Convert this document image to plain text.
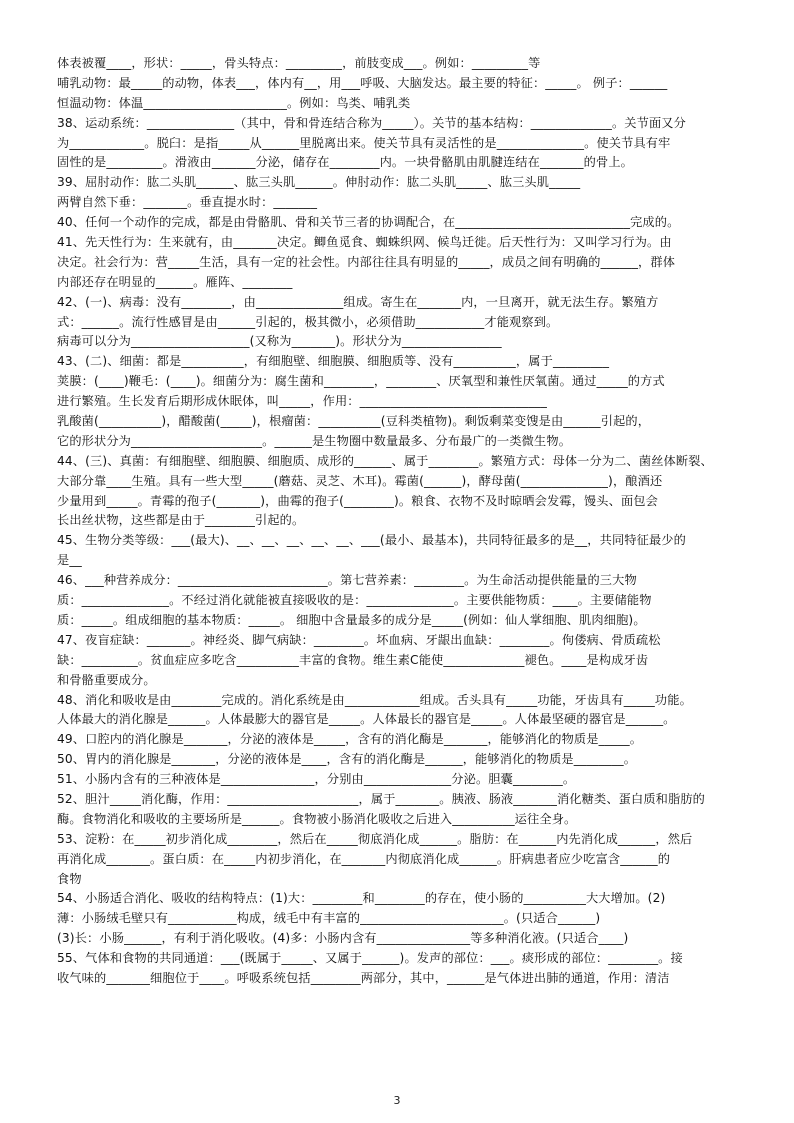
体表被覆____，形状：_____，骨头特点：_________，前肢变成___。例如：_________等
哺乳动物：最_____的动物，体表___，体内有__，用___呼吸、大脑发达。最主要的特征：_____。 例子：______
恒温动物：体温_______________________。例如：鸟类、哺乳类
38、运动系统：______________（其中，骨和骨连结合称为_____）。关节的基本结构：_____________。关节面又分
为____________。脱臼：是指_____从______里脱离出来。使关节具有灵活性的是______________。使关节具有牢
固性的是_________。滑液由_______分泌，储存在________内。一块骨骼肌由肌腱连结在_______的骨上。
39、屈肘动作：肱二头肌______、肱三头肌______。伸肘动作：肱二头肌_____、肱三头肌_____
两臂自然下垂：_______。垂直提水时：_______
40、任何一个动作的完成，都是由骨骼肌、骨和关节三者的协调配合，在____________________________完成的。
41、先天性行为：生来就有，由_______决定。鲫鱼觅食、蜘蛛织网、候鸟迁徙。后天性行为：又叫学习行为。由
决定。社会行为：营_____生活，具有一定的社会性。内部往往具有明显的_____，成员之间有明确的______，群体
内部还存在明显的______。雁阵、________
42、(一)、病毒：没有________，由______________组成。寄生在_______内，一旦离开，就无法生存。繁殖方
式：______。流行性感冒是由______引起的，极其微小，必须借助___________才能观察到。
病毒可以分为___________________(又称为_______)。形状分为________________
43、(二)、细菌：都是__________，有细胞壁、细胞膜、细胞质等、没有__________，属于_________
荚膜：(____)鞭毛：(____)。细菌分为：腐生菌和________，________、厌氧型和兼性厌氧菌。通过_____的方式
进行繁殖。生长发育后期形成休眠体，叫_____，作用：______________________________
乳酸菌(__________)，醋酸菌(_____)，根瘤菌：__________(豆科类植物)。剩饭剩菜变馊是由______引起的，
它的形状分为_____________________。______是生物圈中数量最多、分布最广的一类微生物。
44、(三)、真菌：有细胞壁、细胞膜、细胞质、成形的______、属于________。繁殖方式：母体一分为二、菌丝体断裂、
大部分靠____生殖。具有一些大型_____(蘑菇、灵芝、木耳)。霉菌(______)，酵母菌(______________)，酿酒还
少量用到_____。青霉的孢子(_______)，曲霉的孢子(________)。粮食、衣物不及时晾晒会发霉，馒头、面包会
长出丝状物，这些都是由于________引起的。
45、生物分类等级：___(最大)、__、__、__、__、__、___(最小、最基本)，共同特征最多的是__，共同特征最少的
是__
46、___种营养成分：________________________。第七营养素：________。为生命活动提供能量的三大物
质：______________。不经过消化就能被直接吸收的是：______________。主要供能物质：____。主要储能物
质：_____。组成细胞的基本物质：_____。 细胞中含量最多的成分是_____(例如：仙人掌细胞、肌肉细胞)。
47、夜盲症缺：_______。神经炎、脚气病缺：________。坏血病、牙龈出血缺：________。佝偻病、骨质疏松
缺：_________。贫血症应多吃含__________丰富的食物。维生素C能使_____________褪色。____是构成牙齿
和骨骼重要成分。
48、消化和吸收是由________完成的。消化系统是由____________组成。舌头具有_____功能，牙齿具有_____功能。
人体最大的消化腺是______。人体最膨大的器官是_____。人体最长的器官是_____。人体最坚硬的器官是______。
49、口腔内的消化腺是_______，分泌的液体是_____，含有的消化酶是_______，能够消化的物质是_____。
50、胃内的消化腺是_______，分泌的液体是____，含有的消化酶是______，能够消化的物质是________。
51、小肠内含有的三种液体是_______________，分别由______________分泌。胆囊________。
52、胆汁_____消化酶，作用：_____________________，属于_______。胰液、肠液_______消化糖类、蛋白质和脂肪的
酶。食物消化和吸收的主要场所是______。食物被小肠消化吸收之后进入__________运往全身。
53、淀粉：在_____初步消化成________，然后在_____彻底消化成______。脂肪：在______内先消化成______，然后
再消化成_______。蛋白质：在_____内初步消化，在_______内彻底消化成______。肝病患者应少吃富含______的
食物
54、小肠适合消化、吸收的结构特点：(1)大：________和________的存在，使小肠的__________大大增加。(2)
薄：小肠绒毛壁只有___________构成，绒毛中有丰富的_______________________。(只适合______)
(3)长：小肠______，有利于消化吸收。(4)多：小肠内含有_______________等多种消化液。(只适合____)
55、气体和食物的共同通道：___(既属于_____、又属于______)。发声的部位：___。痰形成的部位：________。接
收气味的_______细胞位于____。呼吸系统包括________两部分，其中，______是气体进出肺的通道，作用：清洁
3
